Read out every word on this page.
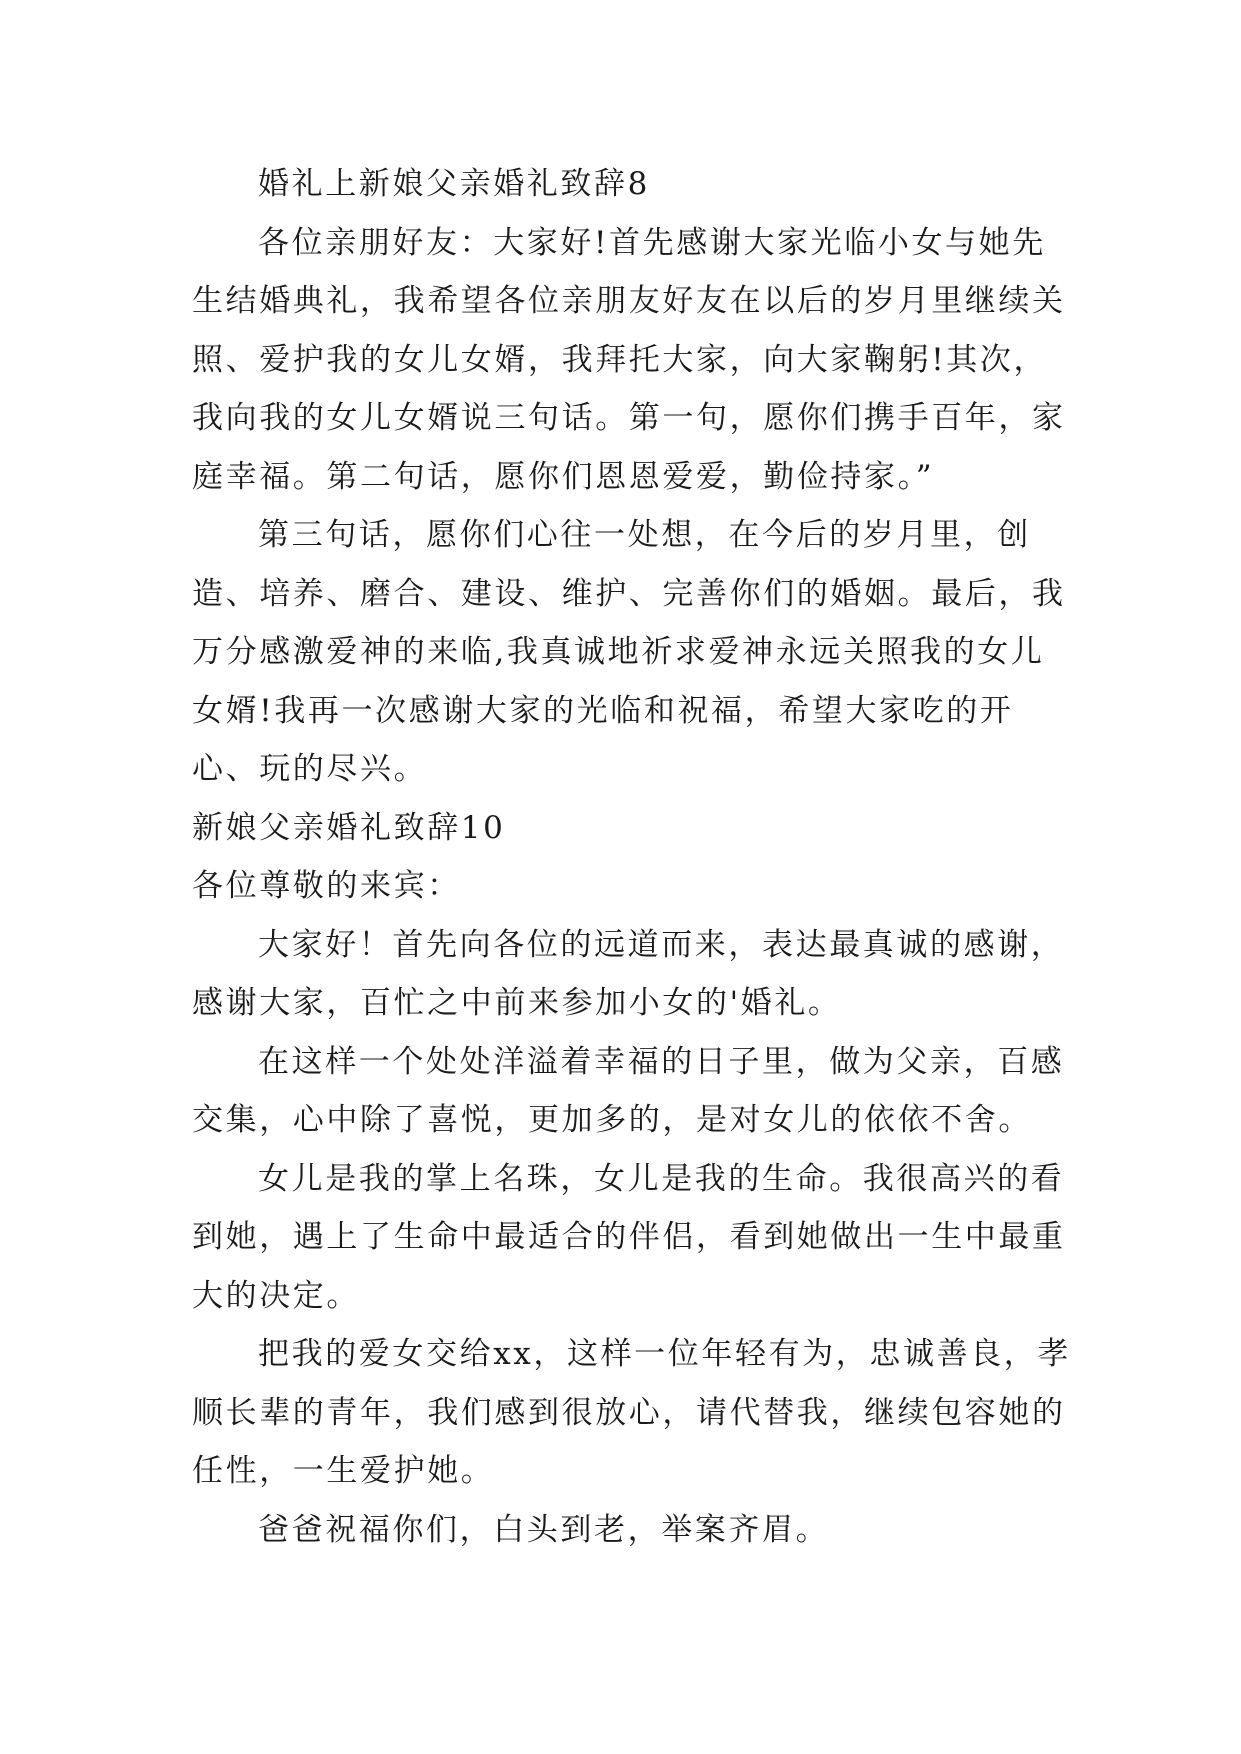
婚礼上新娘父亲婚礼致辞8

各位亲朋好友：大家好!首先感谢大家光临小女与她先生结婚典礼，我希望各位亲朋友好友在以后的岁月里继续关照、爱护我的女儿女婿，我拜托大家，向大家鞠躬!其次，我向我的女儿女婿说三句话。第一句，愿你们携手百年，家庭幸福。第二句话，愿你们恩恩爱爱，勤俭持家。”

第三句话，愿你们心往一处想，在今后的岁月里，创造、培养、磨合、建设、维护、完善你们的婚姻。最后，我万分感激爱神的来临,我真诚地祈求爱神永远关照我的女儿女婿!我再一次感谢大家的光临和祝福，希望大家吃的开心、玩的尽兴。

新娘父亲婚礼致辞10

各位尊敬的来宾：

大家好！首先向各位的远道而来，表达最真诚的感谢，感谢大家，百忙之中前来参加小女的'婚礼。

在这样一个处处洋溢着幸福的日子里，做为父亲，百感交集，心中除了喜悦，更加多的，是对女儿的依依不舍。

女儿是我的掌上名珠，女儿是我的生命。我很高兴的看到她，遇上了生命中最适合的伴侣，看到她做出一生中最重大的决定。

把我的爱女交给xx，这样一位年轻有为，忠诚善良，孝顺长辈的青年，我们感到很放心，请代替我，继续包容她的任性，一生爱护她。

爸爸祝福你们，白头到老，举案齐眉。
